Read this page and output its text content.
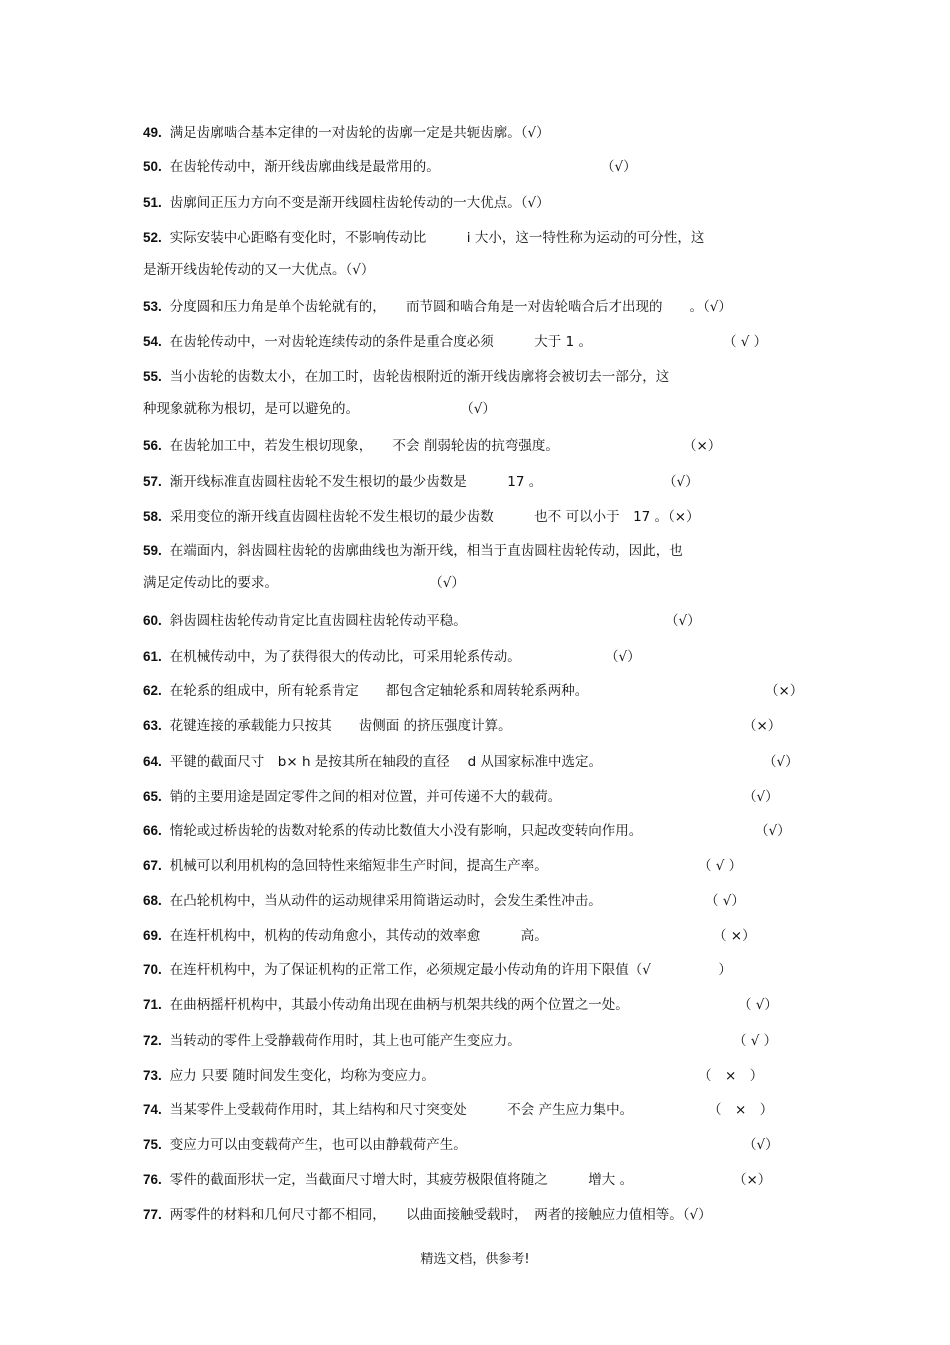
49. 满足齿廓啮合基本定律的一对齿轮的齿廓一定是共轭齿廓。（√）
50. 在齿轮传动中，渐开线齿廓曲线是最常用的。	（√）
51. 齿廓间正压力方向不变是渐开线圆柱齿轮传动的一大优点。（√）
52. 实际安装中心距略有变化时，不影响传动比　　　i 大小，这一特性称为运动的可分性，这
是渐开线齿轮传动的又一大优点。（√）
53. 分度圆和压力角是单个齿轮就有的，　　而节圆和啮合角是一对齿轮啮合后才出现的　　。（√）
54. 在齿轮传动中，一对齿轮连续传动的条件是重合度必须　　　大于 1 。	（ √ ）
55. 当小齿轮的齿数太小，在加工时，齿轮齿根附近的渐开线齿廓将会被切去一部分，这
种现象就称为根切，是可以避免的。	（√）
56. 在齿轮加工中，若发生根切现象，　　不会 削弱轮齿的抗弯强度。	（×）
57. 渐开线标准直齿圆柱齿轮不发生根切的最少齿数是　　　17 。	（√）
58. 采用变位的渐开线直齿圆柱齿轮不发生根切的最少齿数　　　也不 可以小于　17 。（×）
59. 在端面内，斜齿圆柱齿轮的齿廓曲线也为渐开线，相当于直齿圆柱齿轮传动，因此，也
满足定传动比的要求。	（√）
60. 斜齿圆柱齿轮传动肯定比直齿圆柱齿轮传动平稳。	（√）
61. 在机械传动中，为了获得很大的传动比，可采用轮系传动。	（√）
62. 在轮系的组成中，所有轮系肯定　　都包含定轴轮系和周转轮系两种。	（×）
63. 花键连接的承载能力只按其　　齿侧面 的挤压强度计算。	（×）
64. 平键的截面尺寸　b× h 是按其所在轴段的直径　 d 从国家标准中选定。	（√）
65. 销的主要用途是固定零件之间的相对位置，并可传递不大的载荷。	（√）
66. 惰轮或过桥齿轮的齿数对轮系的传动比数值大小没有影响，只起改变转向作用。	（√）
67. 机械可以利用机构的急回特性来缩短非生产时间，提高生产率。	（ √ ）
68. 在凸轮机构中，当从动件的运动规律采用简谐运动时，会发生柔性冲击。	（ √）
69. 在连杆机构中，机构的传动角愈小，其传动的效率愈　　　高。	（ ×）
70. 在连杆机构中，为了保证机构的正常工作，必须规定最小传动角的许用下限值（√　　　　　）
71. 在曲柄摇杆机构中，其最小传动角出现在曲柄与机架共线的两个位置之一处。	（ √）
72. 当转动的零件上受静载荷作用时，其上也可能产生变应力。	（ √ ）
73. 应力 只要 随时间发生变化，均称为变应力。	（　×　）
74. 当某零件上受载荷作用时，其上结构和尺寸突变处　　　不会 产生应力集中。	（　×　）
75. 变应力可以由变载荷产生，也可以由静载荷产生。	（√）
76. 零件的截面形状一定，当截面尺寸增大时，其疲劳极限值将随之　　　增大 。	（×）
77. 两零件的材料和几何尺寸都不相同，　　以曲面接触受载时，　两者的接触应力值相等。（√）
精选文档，供参考!
